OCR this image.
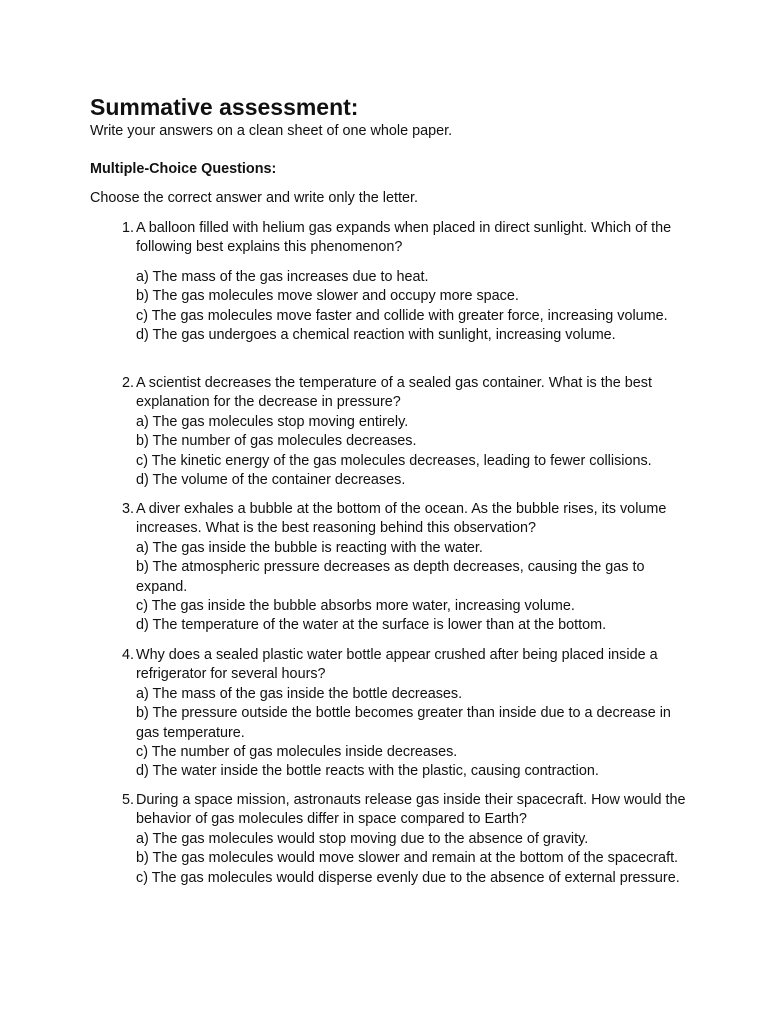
Summative assessment:

Write your answers on a clean sheet of one whole paper.

Multiple-Choice Questions:

Choose the correct answer and write only the letter.

1. A balloon filled with helium gas expands when placed in direct sunlight. Which of the following best explains this phenomenon?
a) The mass of the gas increases due to heat.
b) The gas molecules move slower and occupy more space.
c) The gas molecules move faster and collide with greater force, increasing volume.
d) The gas undergoes a chemical reaction with sunlight, increasing volume.
2. A scientist decreases the temperature of a sealed gas container. What is the best explanation for the decrease in pressure?
a) The gas molecules stop moving entirely.
b) The number of gas molecules decreases.
c) The kinetic energy of the gas molecules decreases, leading to fewer collisions.
d) The volume of the container decreases.
3. A diver exhales a bubble at the bottom of the ocean. As the bubble rises, its volume increases. What is the best reasoning behind this observation?
a) The gas inside the bubble is reacting with the water.
b) The atmospheric pressure decreases as depth decreases, causing the gas to expand.
c) The gas inside the bubble absorbs more water, increasing volume.
d) The temperature of the water at the surface is lower than at the bottom.
4. Why does a sealed plastic water bottle appear crushed after being placed inside a refrigerator for several hours?
a) The mass of the gas inside the bottle decreases.
b) The pressure outside the bottle becomes greater than inside due to a decrease in gas temperature.
c) The number of gas molecules inside decreases.
d) The water inside the bottle reacts with the plastic, causing contraction.
5. During a space mission, astronauts release gas inside their spacecraft. How would the behavior of gas molecules differ in space compared to Earth?
a) The gas molecules would stop moving due to the absence of gravity.
b) The gas molecules would move slower and remain at the bottom of the spacecraft.
c) The gas molecules would disperse evenly due to the absence of external pressure.
